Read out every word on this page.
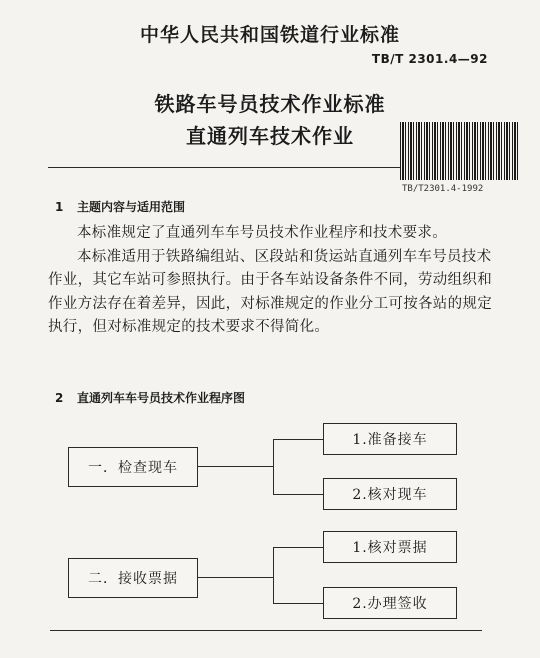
中华人民共和国铁道行业标准
TB/T 2301.4—92
铁路车号员技术作业标准
直通列车技术作业
TB/T2301.4-1992
1 主题内容与适用范围

本标准规定了直通列车车号员技术作业程序和技术要求。

本标准适用于铁路编组站、区段站和货运站直通列车车号员技术作业，其它车站可参照执行。由于各车站设备条件不同，劳动组织和作业方法存在着差异，因此，对标准规定的作业分工可按各站的规定执行，但对标准规定的技术要求不得简化。

2 直通列车车号员技术作业程序图
一．检查现车
1.准备接车
2.核对现车
二．接收票据
1.核对票据
2.办理签收
